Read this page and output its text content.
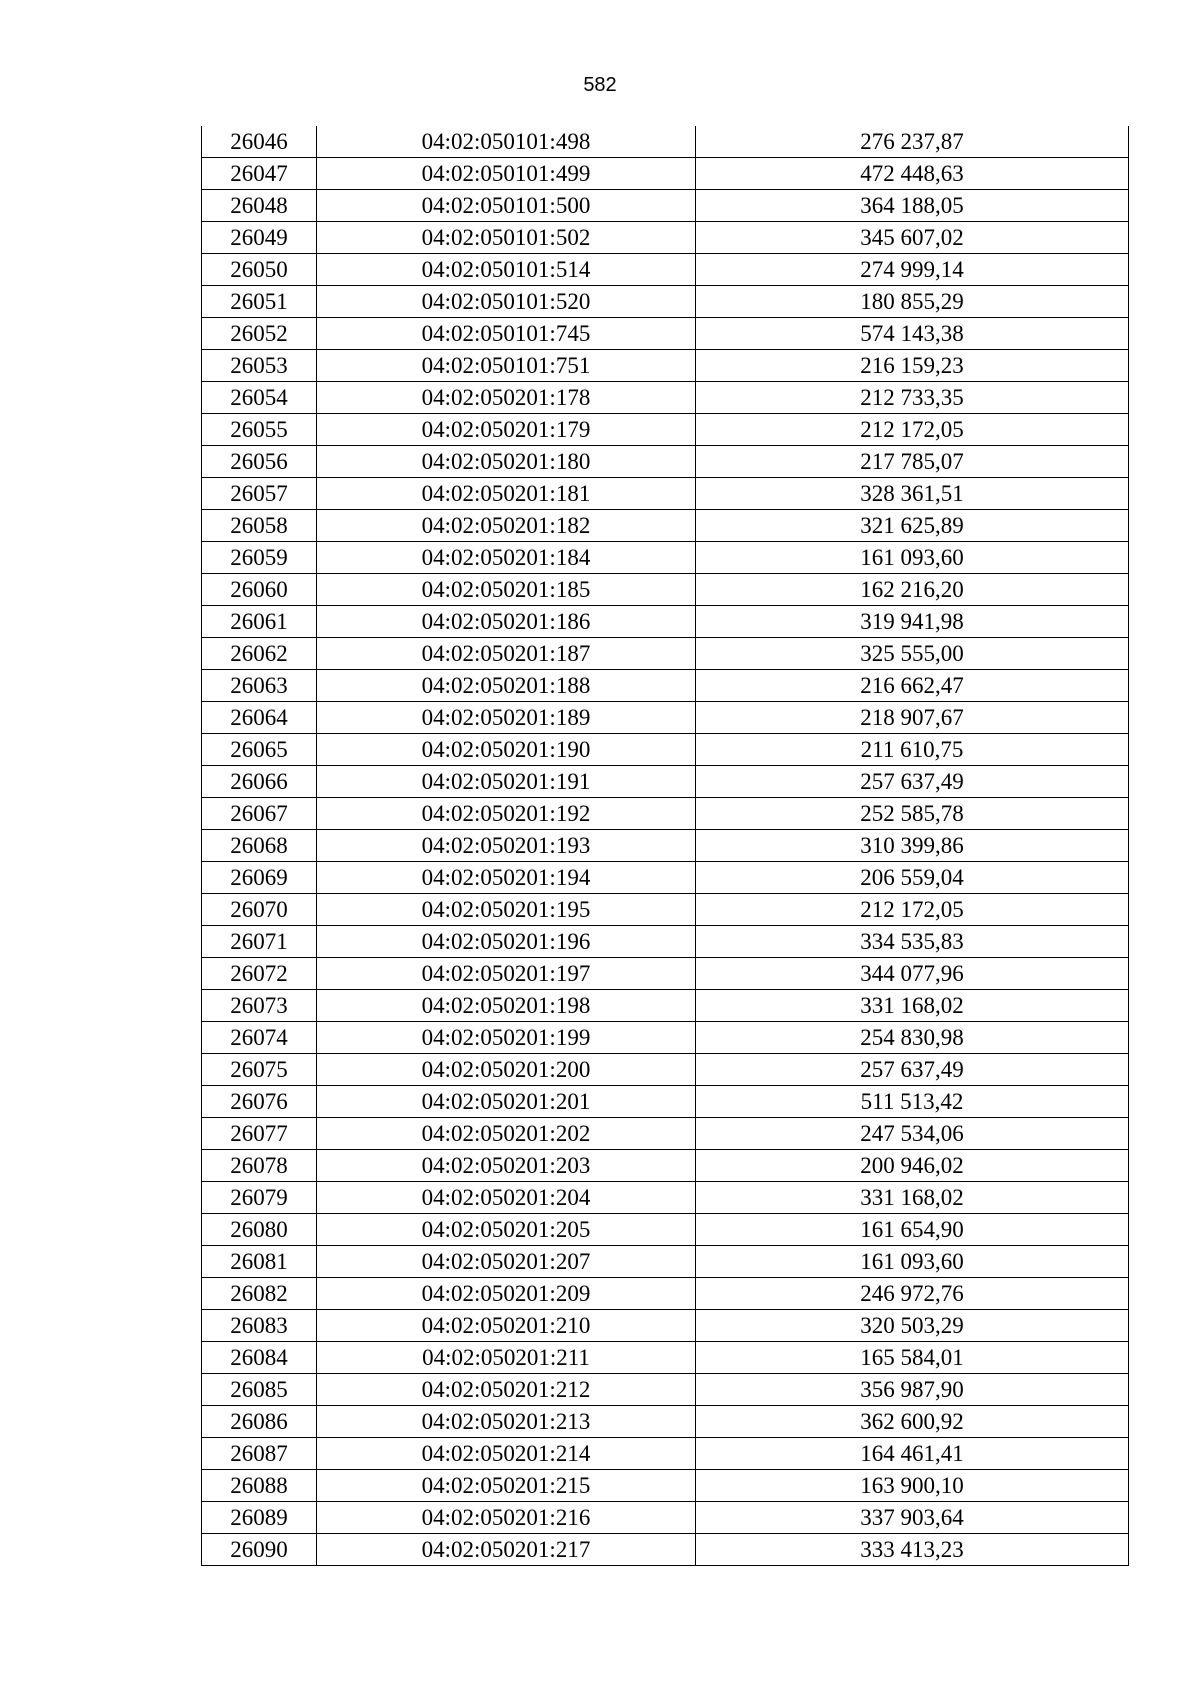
582
26046	04:02:050101:498	276 237,87
26047	04:02:050101:499	472 448,63
26048	04:02:050101:500	364 188,05
26049	04:02:050101:502	345 607,02
26050	04:02:050101:514	274 999,14
26051	04:02:050101:520	180 855,29
26052	04:02:050101:745	574 143,38
26053	04:02:050101:751	216 159,23
26054	04:02:050201:178	212 733,35
26055	04:02:050201:179	212 172,05
26056	04:02:050201:180	217 785,07
26057	04:02:050201:181	328 361,51
26058	04:02:050201:182	321 625,89
26059	04:02:050201:184	161 093,60
26060	04:02:050201:185	162 216,20
26061	04:02:050201:186	319 941,98
26062	04:02:050201:187	325 555,00
26063	04:02:050201:188	216 662,47
26064	04:02:050201:189	218 907,67
26065	04:02:050201:190	211 610,75
26066	04:02:050201:191	257 637,49
26067	04:02:050201:192	252 585,78
26068	04:02:050201:193	310 399,86
26069	04:02:050201:194	206 559,04
26070	04:02:050201:195	212 172,05
26071	04:02:050201:196	334 535,83
26072	04:02:050201:197	344 077,96
26073	04:02:050201:198	331 168,02
26074	04:02:050201:199	254 830,98
26075	04:02:050201:200	257 637,49
26076	04:02:050201:201	511 513,42
26077	04:02:050201:202	247 534,06
26078	04:02:050201:203	200 946,02
26079	04:02:050201:204	331 168,02
26080	04:02:050201:205	161 654,90
26081	04:02:050201:207	161 093,60
26082	04:02:050201:209	246 972,76
26083	04:02:050201:210	320 503,29
26084	04:02:050201:211	165 584,01
26085	04:02:050201:212	356 987,90
26086	04:02:050201:213	362 600,92
26087	04:02:050201:214	164 461,41
26088	04:02:050201:215	163 900,10
26089	04:02:050201:216	337 903,64
26090	04:02:050201:217	333 413,23
